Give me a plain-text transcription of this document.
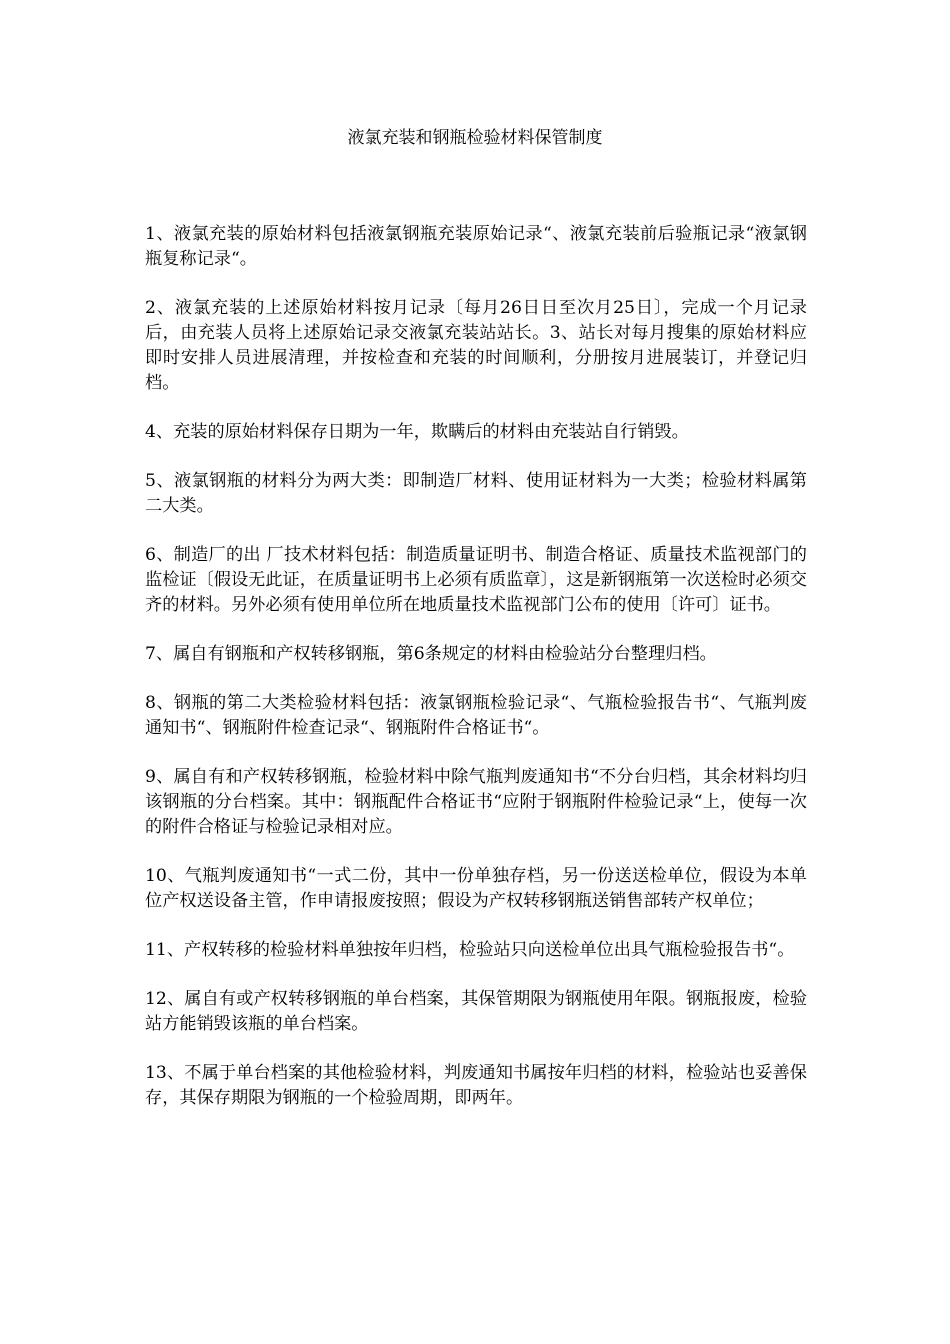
液氯充装和钢瓶检验材料保管制度

1、液氯充装的原始材料包括液氯钢瓶充装原始记录“、液氯充装前后验瓶记录“液氯钢瓶复称记录“。

2、液氯充装的上述原始材料按月记录〔每月26日日至次月25日〕，完成一个月记录后，由充装人员将上述原始记录交液氯充装站站长。3、站长对每月搜集的原始材料应即时安排人员进展清理，并按检查和充装的时间顺利，分册按月进展装订，并登记归档。

4、充装的原始材料保存日期为一年，欺瞒后的材料由充装站自行销毁。

5、液氯钢瓶的材料分为两大类：即制造厂材料、使用证材料为一大类；检验材料属第二大类。

6、制造厂的出 厂技术材料包括：制造质量证明书、制造合格证、质量技术监视部门的监检证〔假设无此证，在质量证明书上必须有质监章〕，这是新钢瓶第一次送检时必须交齐的材料。另外必须有使用单位所在地质量技术监视部门公布的使用〔许可〕证书。

7、属自有钢瓶和产权转移钢瓶，第6条规定的材料由检验站分台整理归档。

8、钢瓶的第二大类检验材料包括：液氯钢瓶检验记录“、气瓶检验报告书“、气瓶判废通知书“、钢瓶附件检查记录“、钢瓶附件合格证书“。

9、属自有和产权转移钢瓶，检验材料中除气瓶判废通知书“不分台归档，其余材料均归该钢瓶的分台档案。其中：钢瓶配件合格证书“应附于钢瓶附件检验记录“上，使每一次的附件合格证与检验记录相对应。

10、气瓶判废通知书“一式二份，其中一份单独存档，另一份送送检单位，假设为本单位产权送设备主管，作申请报废按照；假设为产权转移钢瓶送销售部转产权单位；

11、产权转移的检验材料单独按年归档，检验站只向送检单位出具气瓶检验报告书“。

12、属自有或产权转移钢瓶的单台档案，其保管期限为钢瓶使用年限。钢瓶报废，检验站方能销毁该瓶的单台档案。

13、不属于单台档案的其他检验材料，判废通知书属按年归档的材料，检验站也妥善保存，其保存期限为钢瓶的一个检验周期，即两年。
